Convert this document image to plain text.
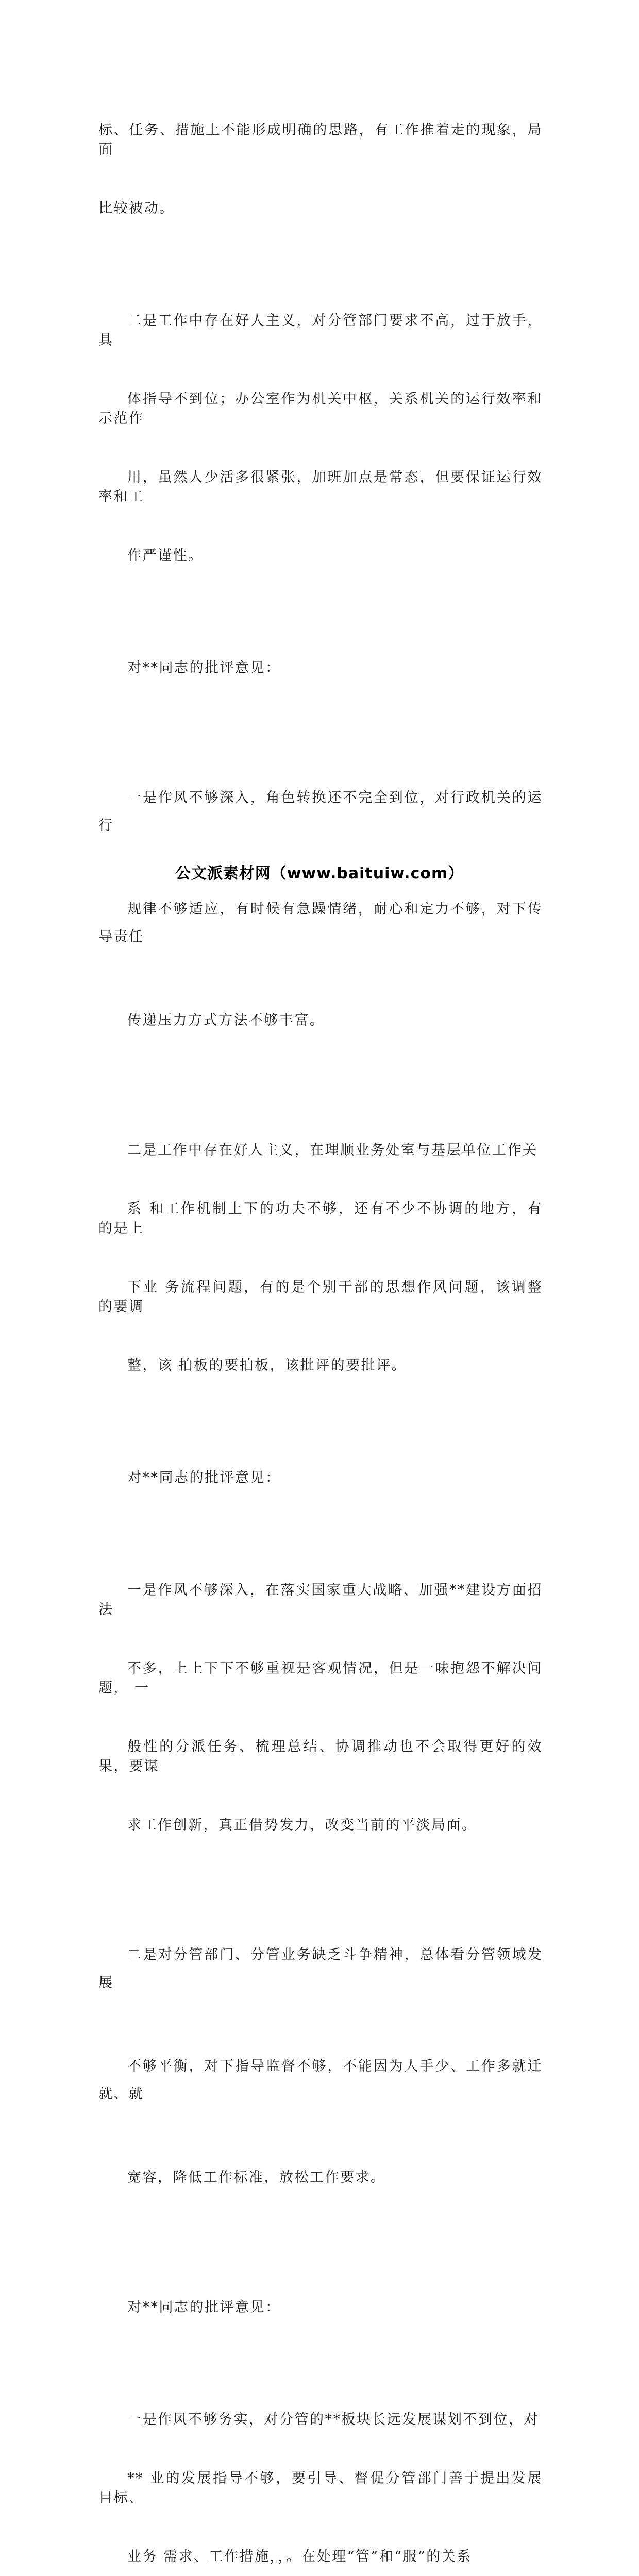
标、任务、措施上不能形成明确的思路，有工作推着走的现象，局面

比较被动。

二是工作中存在好人主义，对分管部门要求不高，过于放手，具

体指导不到位；办公室作为机关中枢，关系机关的运行效率和示范作

用，虽然人少活多很紧张，加班加点是常态，但要保证运行效率和工

作严谨性。

对**同志的批评意见：

一是作风不够深入，角色转换还不完全到位，对行政机关的运行

规律不够适应，有时候有急躁情绪，耐心和定力不够，对下传导责任

传递压力方式方法不够丰富。

二是工作中存在好人主义，在理顺业务处室与基层单位工作关

系 和工作机制上下的功夫不够，还有不少不协调的地方，有的是上

下业 务流程问题，有的是个别干部的思想作风问题，该调整的要调

整，该 拍板的要拍板，该批评的要批评。

对**同志的批评意见：

一是作风不够深入，在落实国家重大战略、加强**建设方面招法

不多，上上下下不够重视是客观情况，但是一味抱怨不解决问题， 一

般性的分派任务、梳理总结、协调推动也不会取得更好的效果，要谋

求工作创新，真正借势发力，改变当前的平淡局面。

二是对分管部门、分管业务缺乏斗争精神，总体看分管领域发展

不够平衡，对下指导监督不够，不能因为人手少、工作多就迁就、就

宽容，降低工作标准，放松工作要求。

对**同志的批评意见：

一是作风不够务实，对分管的**板块长远发展谋划不到位，对

** 业的发展指导不够，要引导、督促分管部门善于提出发展目标、

业务 需求、工作措施，，。在处理“管”和“服”的关系

公文派素材网（www.baituiw.com）
